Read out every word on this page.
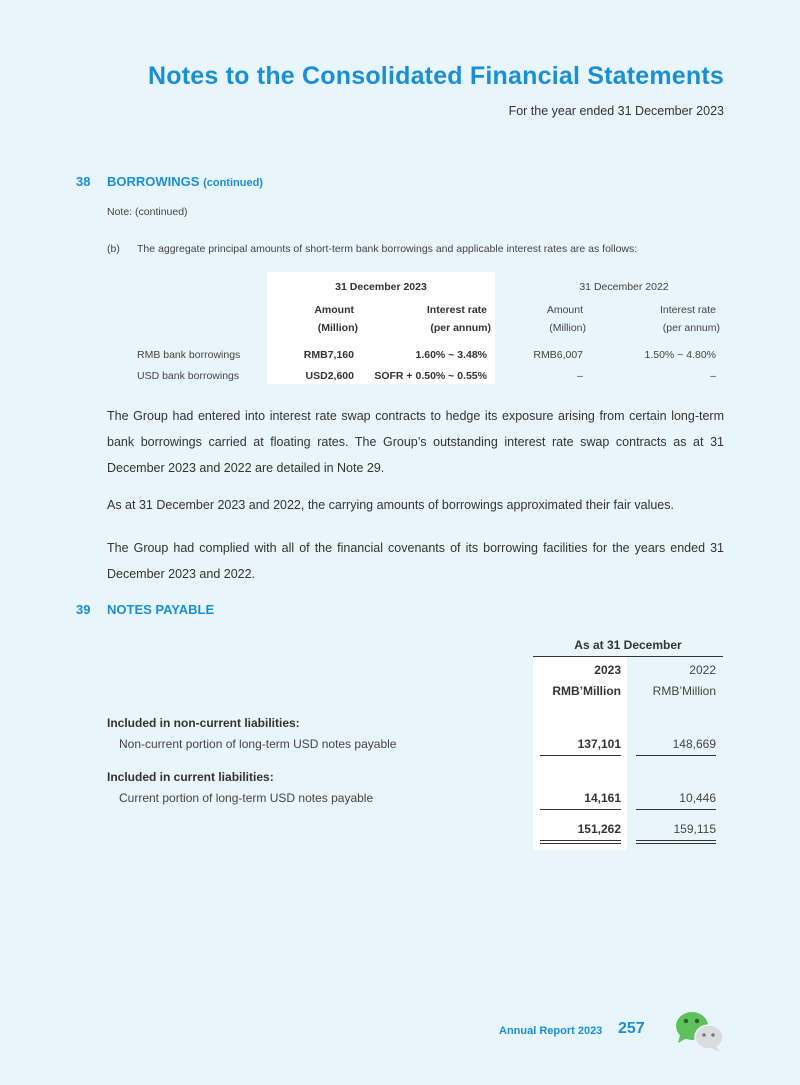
Notes to the Consolidated Financial Statements
For the year ended 31 December 2023
38 BORROWINGS (continued)
Note: (continued)
(b) The aggregate principal amounts of short-term bank borrowings and applicable interest rates are as follows:
31 December 2023	31 December 2022
Amount	Interest rate	Amount	Interest rate
(Million)	(per annum)	(Million)	(per annum)
RMB bank borrowings	RMB7,160	1.60% ~ 3.48%	RMB6,007	1.50% ~ 4.80%
USD bank borrowings	USD2,600	SOFR + 0.50% ~ 0.55%	–	–
The Group had entered into interest rate swap contracts to hedge its exposure arising from certain long-term bank borrowings carried at floating rates. The Group’s outstanding interest rate swap contracts as at 31 December 2023 and 2022 are detailed in Note 29.
As at 31 December 2023 and 2022, the carrying amounts of borrowings approximated their fair values.
The Group had complied with all of the financial covenants of its borrowing facilities for the years ended 31 December 2023 and 2022.
39 NOTES PAYABLE
As at 31 December
2023	2022
RMB’Million	RMB’Million
Included in non-current liabilities:
Non-current portion of long-term USD notes payable	137,101	148,669
Included in current liabilities:
Current portion of long-term USD notes payable	14,161	10,446
151,262	159,115
Annual Report 2023 257
